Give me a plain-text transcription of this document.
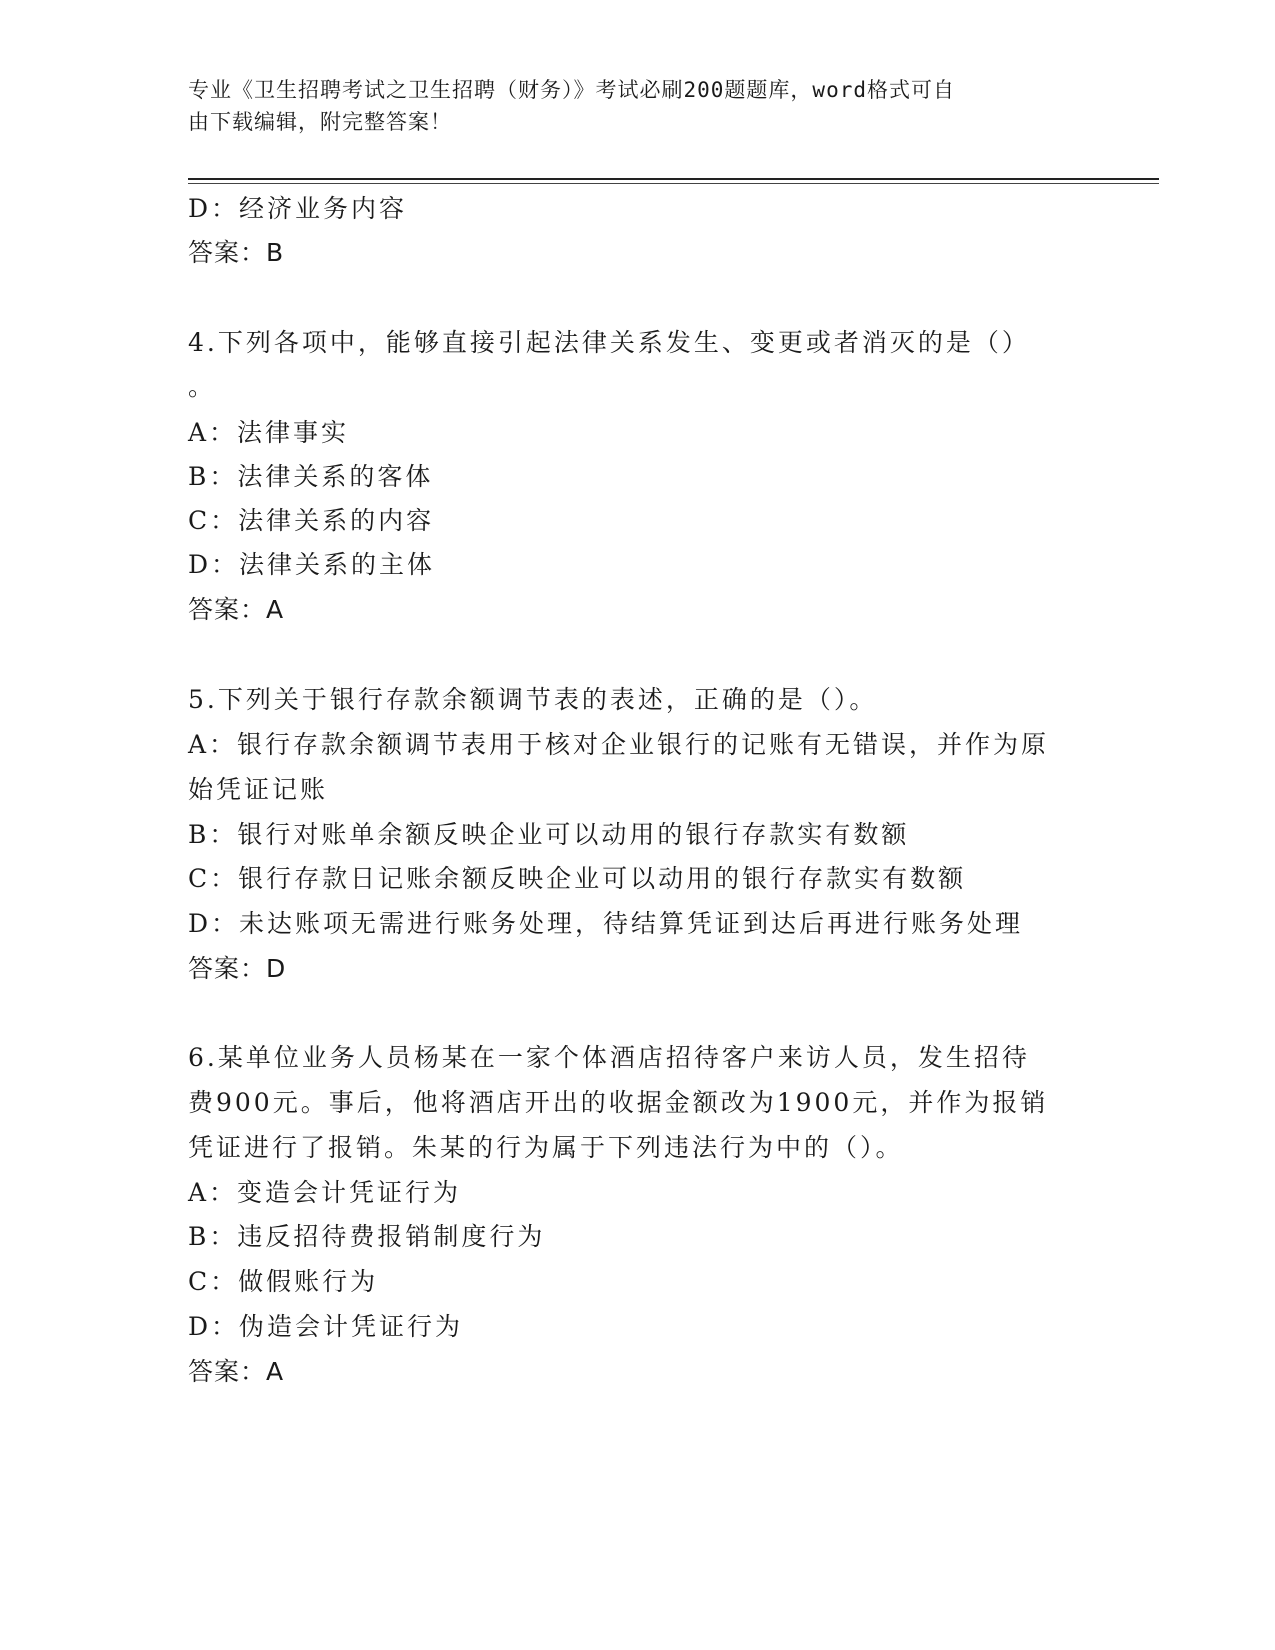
专业《卫生招聘考试之卫生招聘（财务）》考试必刷200题题库，word格式可自
由下载编辑，附完整答案！
D：经济业务内容
答案：B
4.下列各项中，能够直接引起法律关系发生、变更或者消灭的是（）
。
A：法律事实
B：法律关系的客体
C：法律关系的内容
D：法律关系的主体
答案：A
5.下列关于银行存款余额调节表的表述，正确的是（）。
A：银行存款余额调节表用于核对企业银行的记账有无错误，并作为原
始凭证记账
B：银行对账单余额反映企业可以动用的银行存款实有数额
C：银行存款日记账余额反映企业可以动用的银行存款实有数额
D：未达账项无需进行账务处理，待结算凭证到达后再进行账务处理
答案：D
6.某单位业务人员杨某在一家个体酒店招待客户来访人员，发生招待
费900元。事后，他将酒店开出的收据金额改为1900元，并作为报销
凭证进行了报销。朱某的行为属于下列违法行为中的（）。
A：变造会计凭证行为
B：违反招待费报销制度行为
C：做假账行为
D：伪造会计凭证行为
答案：A
